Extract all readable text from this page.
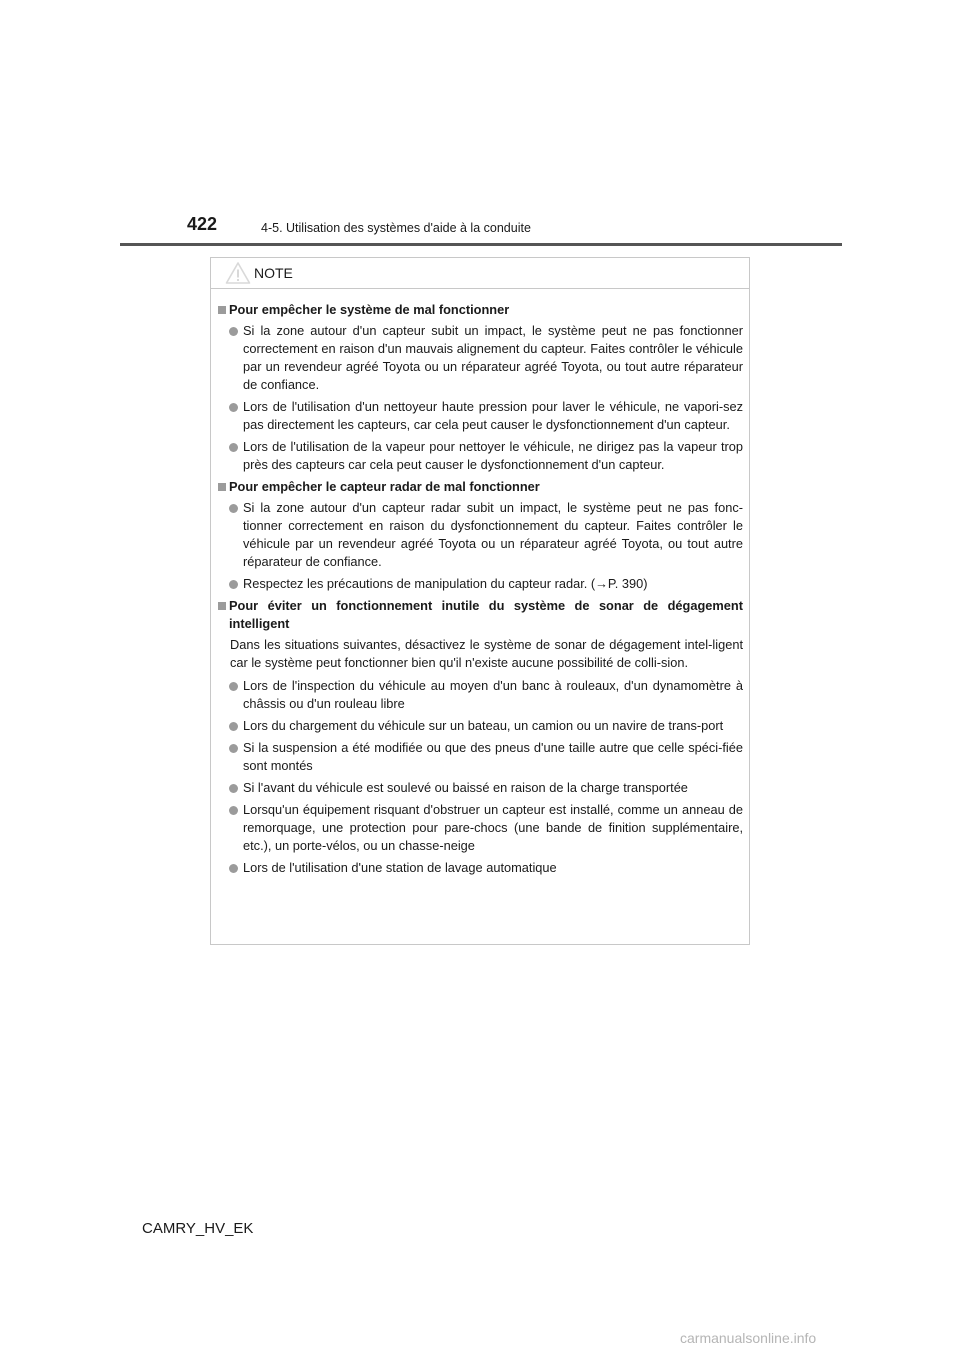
422	4-5. Utilisation des systèmes d'aide à la conduite
NOTE
Pour empêcher le système de mal fonctionner
Si la zone autour d'un capteur subit un impact, le système peut ne pas fonctionner correctement en raison d'un mauvais alignement du capteur. Faites contrôler le véhicule par un revendeur agréé Toyota ou un réparateur agréé Toyota, ou tout autre réparateur de confiance.
Lors de l'utilisation d'un nettoyeur haute pression pour laver le véhicule, ne vapori-sez pas directement les capteurs, car cela peut causer le dysfonctionnement d'un capteur.
Lors de l'utilisation de la vapeur pour nettoyer le véhicule, ne dirigez pas la vapeur trop près des capteurs car cela peut causer le dysfonctionnement d'un capteur.
Pour empêcher le capteur radar de mal fonctionner
Si la zone autour d'un capteur radar subit un impact, le système peut ne pas fonc-tionner correctement en raison du dysfonctionnement du capteur. Faites contrôler le véhicule par un revendeur agréé Toyota ou un réparateur agréé Toyota, ou tout autre réparateur de confiance.
Respectez les précautions de manipulation du capteur radar. (→P. 390)
Pour éviter un fonctionnement inutile du système de sonar de dégagement intelligent
Dans les situations suivantes, désactivez le système de sonar de dégagement intel-ligent car le système peut fonctionner bien qu'il n'existe aucune possibilité de colli-sion.
Lors de l'inspection du véhicule au moyen d'un banc à rouleaux, d'un dynamomètre à châssis ou d'un rouleau libre
Lors du chargement du véhicule sur un bateau, un camion ou un navire de trans-port
Si la suspension a été modifiée ou que des pneus d'une taille autre que celle spéci-fiée sont montés
Si l'avant du véhicule est soulevé ou baissé en raison de la charge transportée
Lorsqu'un équipement risquant d'obstruer un capteur est installé, comme un anneau de remorquage, une protection pour pare-chocs (une bande de finition supplémentaire, etc.), un porte-vélos, ou un chasse-neige
Lors de l'utilisation d'une station de lavage automatique
CAMRY_HV_EK
carmanualsonline.info
